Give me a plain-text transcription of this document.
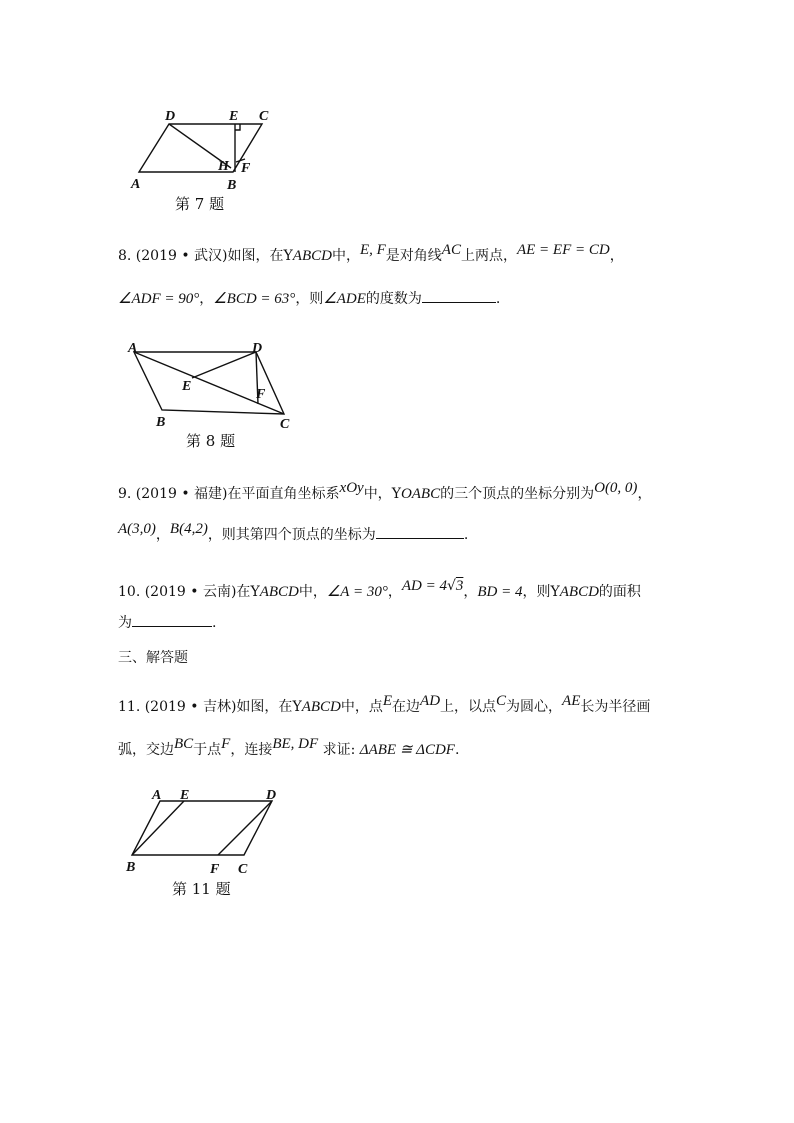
D	E C
H F
A	B
第 7 题
8. (2019 • 武汉)如图，在YABCD中，E, F是对角线AC上两点，AE = EF = CD，
∠ADF = 90°，∠BCD = 63°，则∠ADE的度数为	.
A	D
E
F
B	C
第 8 题
9. (2019 • 福建)在平面直角坐标系xOy中，YOABC的三个顶点的坐标分别为O(0, 0)，
A(3,0)，B(4,2)，则其第四个顶点的坐标为	.
10. (2019 • 云南)在YABCD中，∠A = 30°，AD = 4√3，BD = 4，则YABCD的面积
为	.
三、解答题
11. (2019 • 吉林)如图，在YABCD中，点E在边AD上，以点C为圆心，AE长为半径画
弧，交边BC于点F，连接BE, DF 求证: ΔABE ≅ ΔCDF.
A E	D
B	F C
第 11 题
